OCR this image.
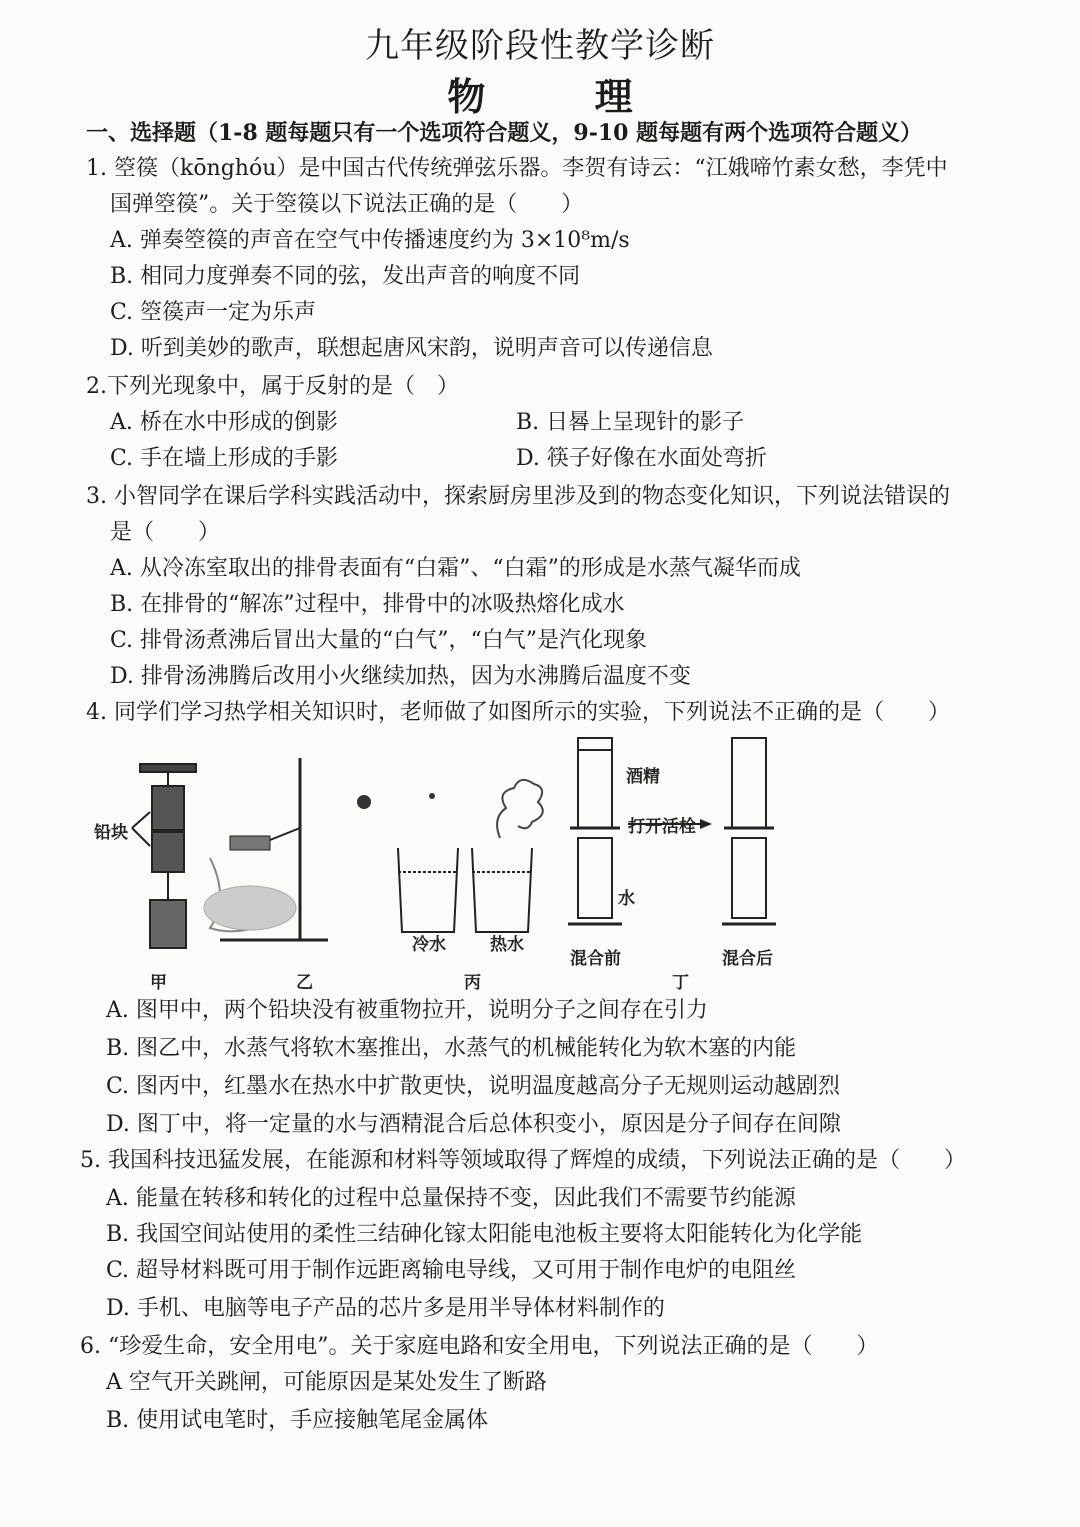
九年级阶段性教学诊断
物 理
一、选择题（1-8 题每题只有一个选项符合题义，9-10 题每题有两个选项符合题义）
1. 箜篌（kōnghóu）是中国古代传统弹弦乐器。李贺有诗云：“江娥啼竹素女愁，李凭中
国弹箜篌”。关于箜篌以下说法正确的是（　　）
A. 弹奏箜篌的声音在空气中传播速度约为 3×10⁸m/s
B. 相同力度弹奏不同的弦，发出声音的响度不同
C. 箜篌声一定为乐声
D. 听到美妙的歌声，联想起唐风宋韵，说明声音可以传递信息
2.下列光现象中，属于反射的是（　）
A. 桥在水中形成的倒影	B. 日晷上呈现针的影子
C. 手在墙上形成的手影	D. 筷子好像在水面处弯折
3. 小智同学在课后学科实践活动中，探索厨房里涉及到的物态变化知识，下列说法错误的
是（　　）
A. 从冷冻室取出的排骨表面有“白霜”、“白霜”的形成是水蒸气凝华而成
B. 在排骨的“解冻”过程中，排骨中的冰吸热熔化成水
C. 排骨汤煮沸后冒出大量的“白气”，“白气”是汽化现象
D. 排骨汤沸腾后改用小火继续加热，因为水沸腾后温度不变
4. 同学们学习热学相关知识时，老师做了如图所示的实验，下列说法不正确的是（　　）
铅块
酒精
打开活栓
水
冷水	热水
混合前	混合后
甲	乙	丙	丁
A. 图甲中，两个铅块没有被重物拉开，说明分子之间存在引力
B. 图乙中，水蒸气将软木塞推出，水蒸气的机械能转化为软木塞的内能
C. 图丙中，红墨水在热水中扩散更快，说明温度越高分子无规则运动越剧烈
D. 图丁中，将一定量的水与酒精混合后总体积变小，原因是分子间存在间隙
5. 我国科技迅猛发展，在能源和材料等领域取得了辉煌的成绩，下列说法正确的是（　　）
A. 能量在转移和转化的过程中总量保持不变，因此我们不需要节约能源
B. 我国空间站使用的柔性三结砷化镓太阳能电池板主要将太阳能转化为化学能
C. 超导材料既可用于制作远距离输电导线，又可用于制作电炉的电阻丝
D. 手机、电脑等电子产品的芯片多是用半导体材料制作的
6. “珍爱生命，安全用电”。关于家庭电路和安全用电，下列说法正确的是（　　）
A 空气开关跳闸，可能原因是某处发生了断路
B. 使用试电笔时，手应接触笔尾金属体
